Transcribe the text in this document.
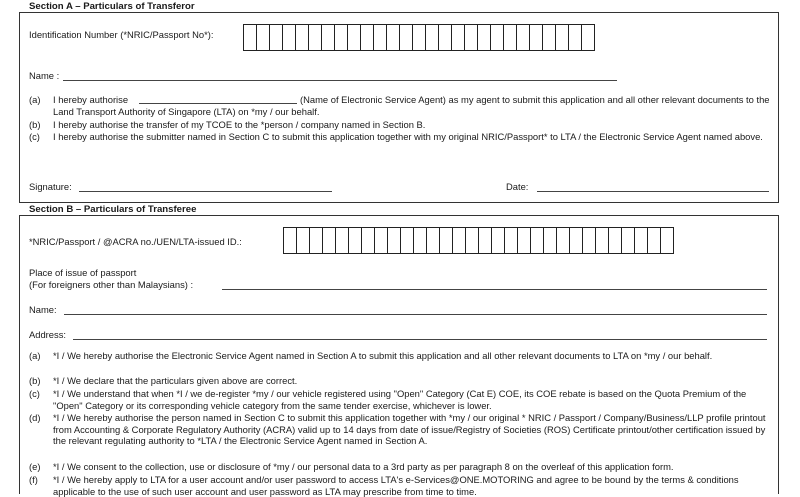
Section A – Particulars of Transferor
Identification Number (*NRIC/Passport No*):
Name :
(a) I hereby authorise	(Name of Electronic Service Agent) as my agent to submit this application and all other relevant documents to the Land Transport Authority of Singapore (LTA) on *my / our behalf.
(b) I hereby authorise the transfer of my TCOE to the *person / company named in Section B.
(c) I hereby authorise the submitter named in Section C to submit this application together with my original NRIC/Passport* to LTA / the Electronic Service Agent named above.
Signature:	Date:
Section B – Particulars of Transferee
*NRIC/Passport / @ACRA no./UEN/LTA-issued ID.:
Place of issue of passport
(For foreigners other than Malaysians) :
Name:
Address:
(a) *I / We hereby authorise the Electronic Service Agent named in Section A to submit this application and all other relevant documents to LTA on *my / our behalf.
(b) *I / We declare that the particulars given above are correct.
(c) *I / We understand that when *I / we de-register *my / our vehicle registered using "Open" Category (Cat E) COE, its COE rebate is based on the Quota Premium of the "Open" Category or its corresponding vehicle category from the same tender exercise, whichever is lower.
(d) *I / We hereby authorise the person named in Section C to submit this application together with *my / our original * NRIC / Passport / Company/Business/LLP profile printout from Accounting & Corporate Regulatory Authority (ACRA) valid up to 14 days from date of issue/Registry of Societies (ROS) Certificate printout/other certification issued by the relevant regulating authority to *LTA / the Electronic Service Agent named in Section A.
(e) *I / We consent to the collection, use or disclosure of *my / our personal data to a 3rd party as per paragraph 8 on the overleaf of this application form.
(f) *I / We hereby apply to LTA for a user account and/or user password to access LTA's e-Services@ONE.MOTORING and agree to be bound by the terms & conditions applicable to the use of such user account and user password as LTA may prescribe from time to time.
